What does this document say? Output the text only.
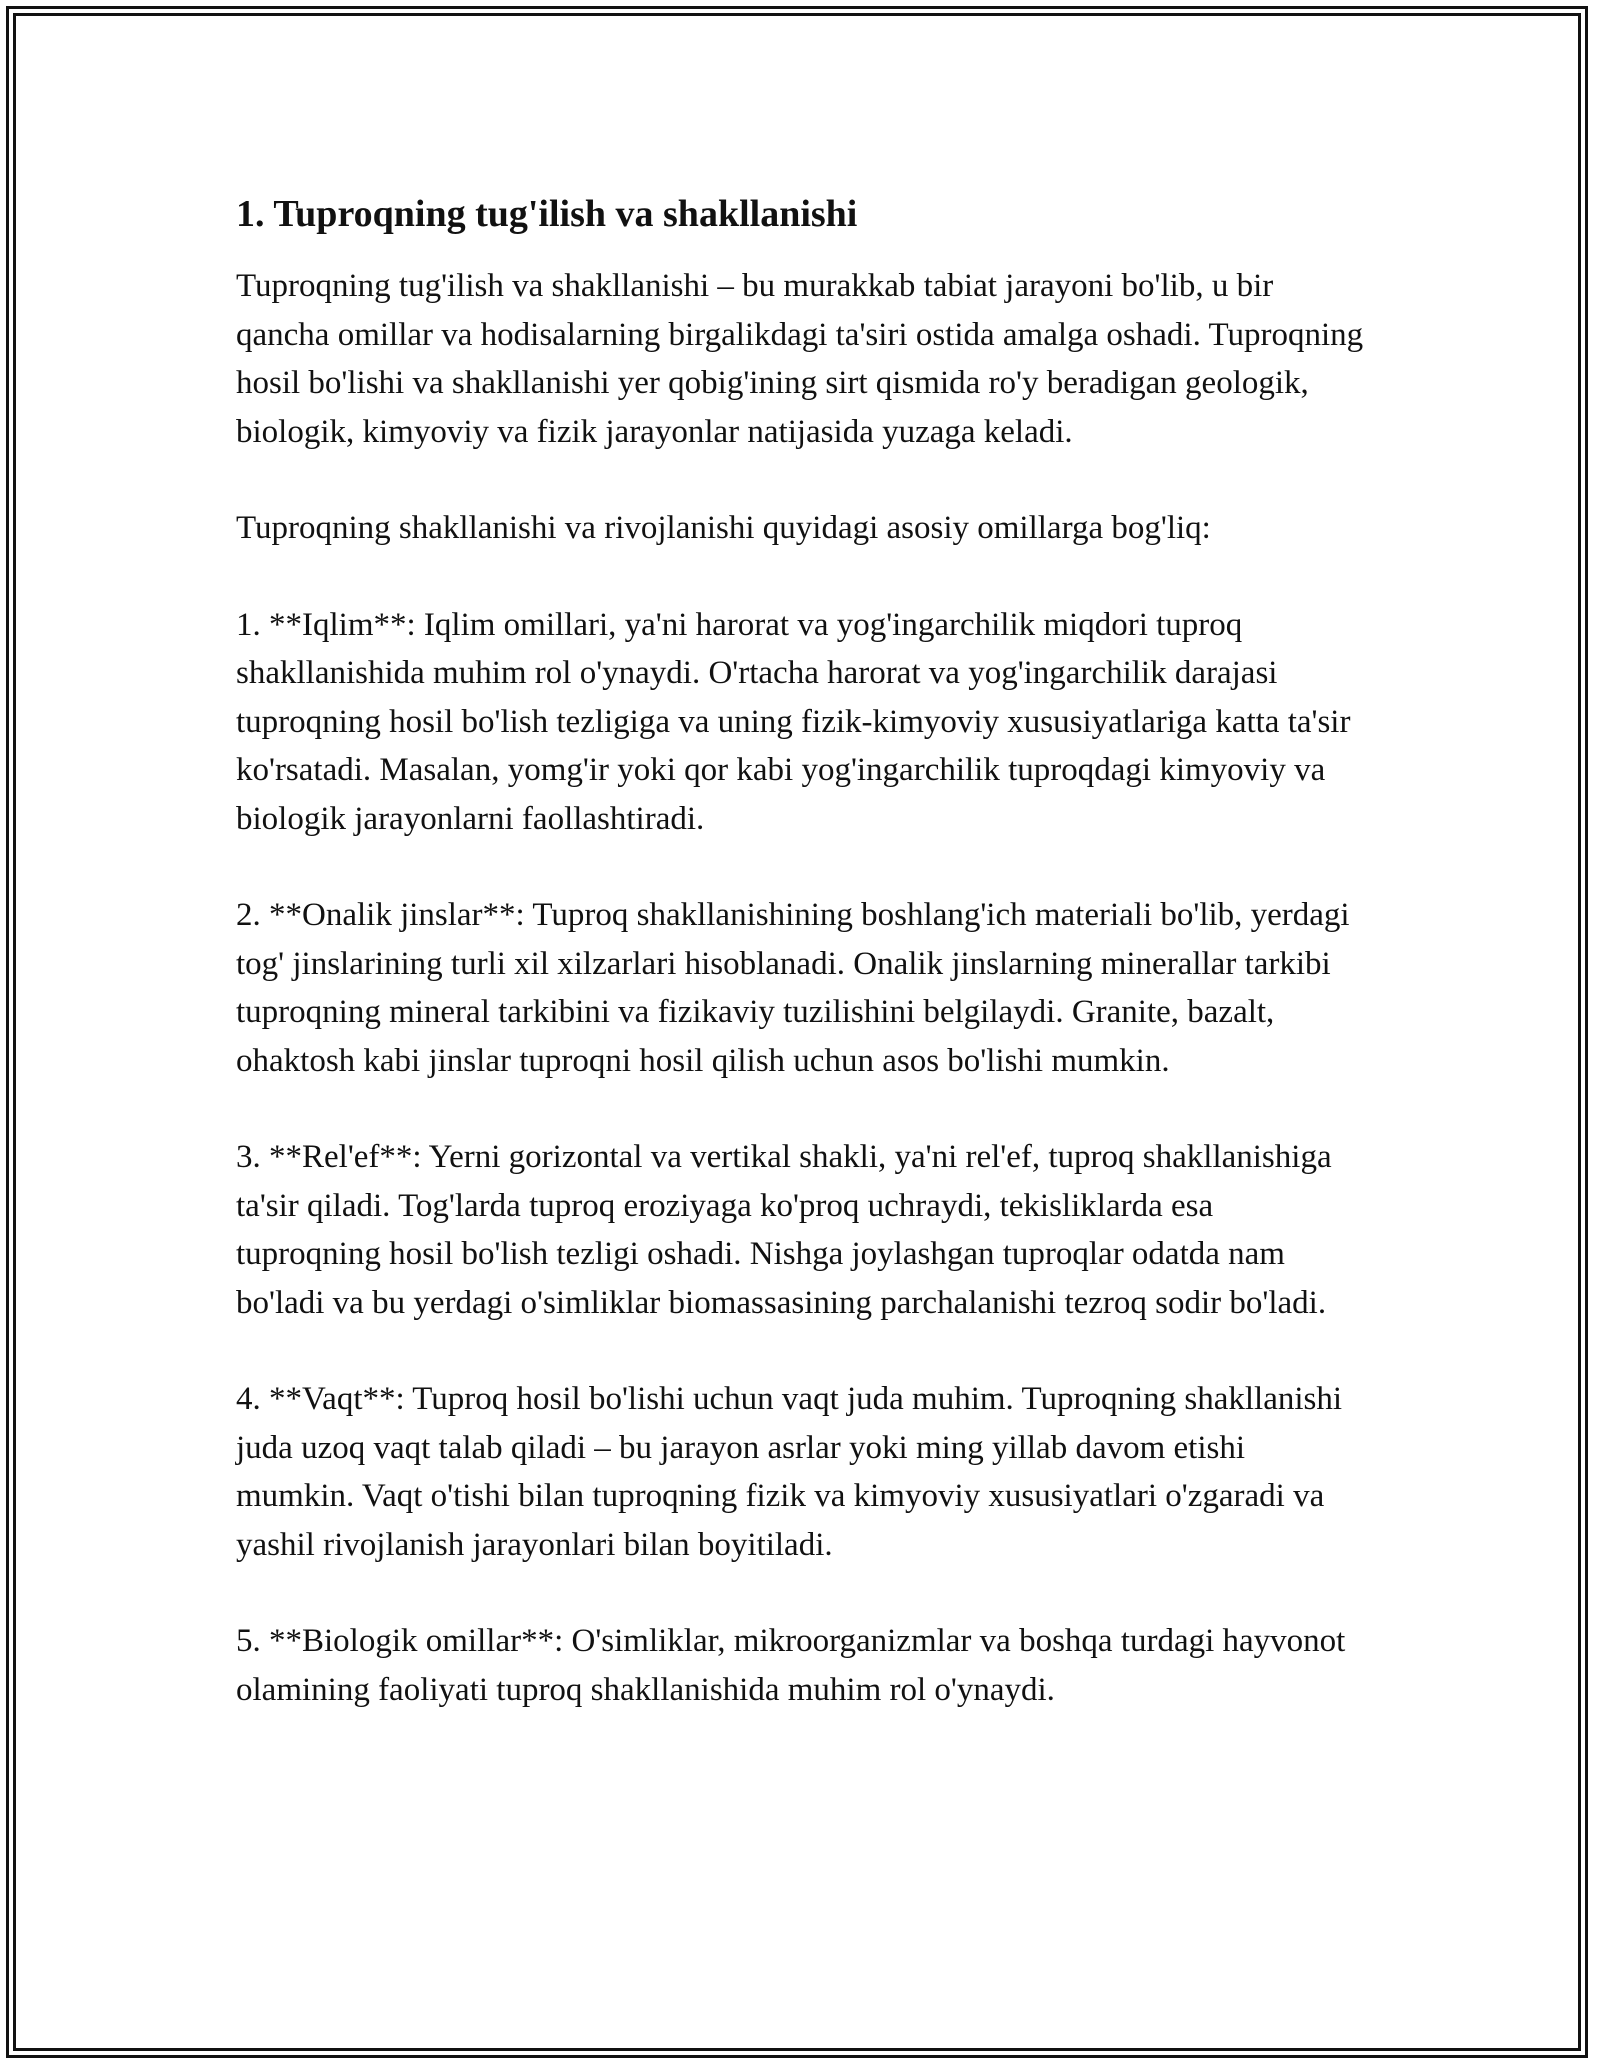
1. Tuproqning tug'ilish va shakllanishi

Tuproqning tug'ilish va shakllanishi – bu murakkab tabiat jarayoni bo'lib, u bir qancha omillar va hodisalarning birgalikdagi ta'siri ostida amalga oshadi. Tuproqning hosil bo'lishi va shakllanishi yer qobig'ining sirt qismida ro'y beradigan geologik, biologik, kimyoviy va fizik jarayonlar natijasida yuzaga keladi.

Tuproqning shakllanishi va rivojlanishi quyidagi asosiy omillarga bog'liq:

1. **Iqlim**: Iqlim omillari, ya'ni harorat va yog'ingarchilik miqdori tuproq shakllanishida muhim rol o'ynaydi. O'rtacha harorat va yog'ingarchilik darajasi tuproqning hosil bo'lish tezligiga va uning fizik-kimyoviy xususiyatlariga katta ta'sir ko'rsatadi. Masalan, yomg'ir yoki qor kabi yog'ingarchilik tuproqdagi kimyoviy va biologik jarayonlarni faollashtiradi.

2. **Onalik jinslar**: Tuproq shakllanishining boshlang'ich materiali bo'lib, yerdagi tog' jinslarining turli xil xilzarlari hisoblanadi. Onalik jinslarning minerallar tarkibi tuproqning mineral tarkibini va fizikaviy tuzilishini belgilaydi. Granite, bazalt, ohaktosh kabi jinslar tuproqni hosil qilish uchun asos bo'lishi mumkin.

3. **Rel'ef**: Yerni gorizontal va vertikal shakli, ya'ni rel'ef, tuproq shakllanishiga ta'sir qiladi. Tog'larda tuproq eroziyaga ko'proq uchraydi, tekisliklarda esa tuproqning hosil bo'lish tezligi oshadi. Nishga joylashgan tuproqlar odatda nam bo'ladi va bu yerdagi o'simliklar biomassasining parchalanishi tezroq sodir bo'ladi.

4. **Vaqt**: Tuproq hosil bo'lishi uchun vaqt juda muhim. Tuproqning shakllanishi juda uzoq vaqt talab qiladi – bu jarayon asrlar yoki ming yillab davom etishi mumkin. Vaqt o'tishi bilan tuproqning fizik va kimyoviy xususiyatlari o'zgaradi va yashil rivojlanish jarayonlari bilan boyitiladi.

5. **Biologik omillar**: O'simliklar, mikroorganizmlar va boshqa turdagi hayvonot olamining faoliyati tuproq shakllanishida muhim rol o'ynaydi.
